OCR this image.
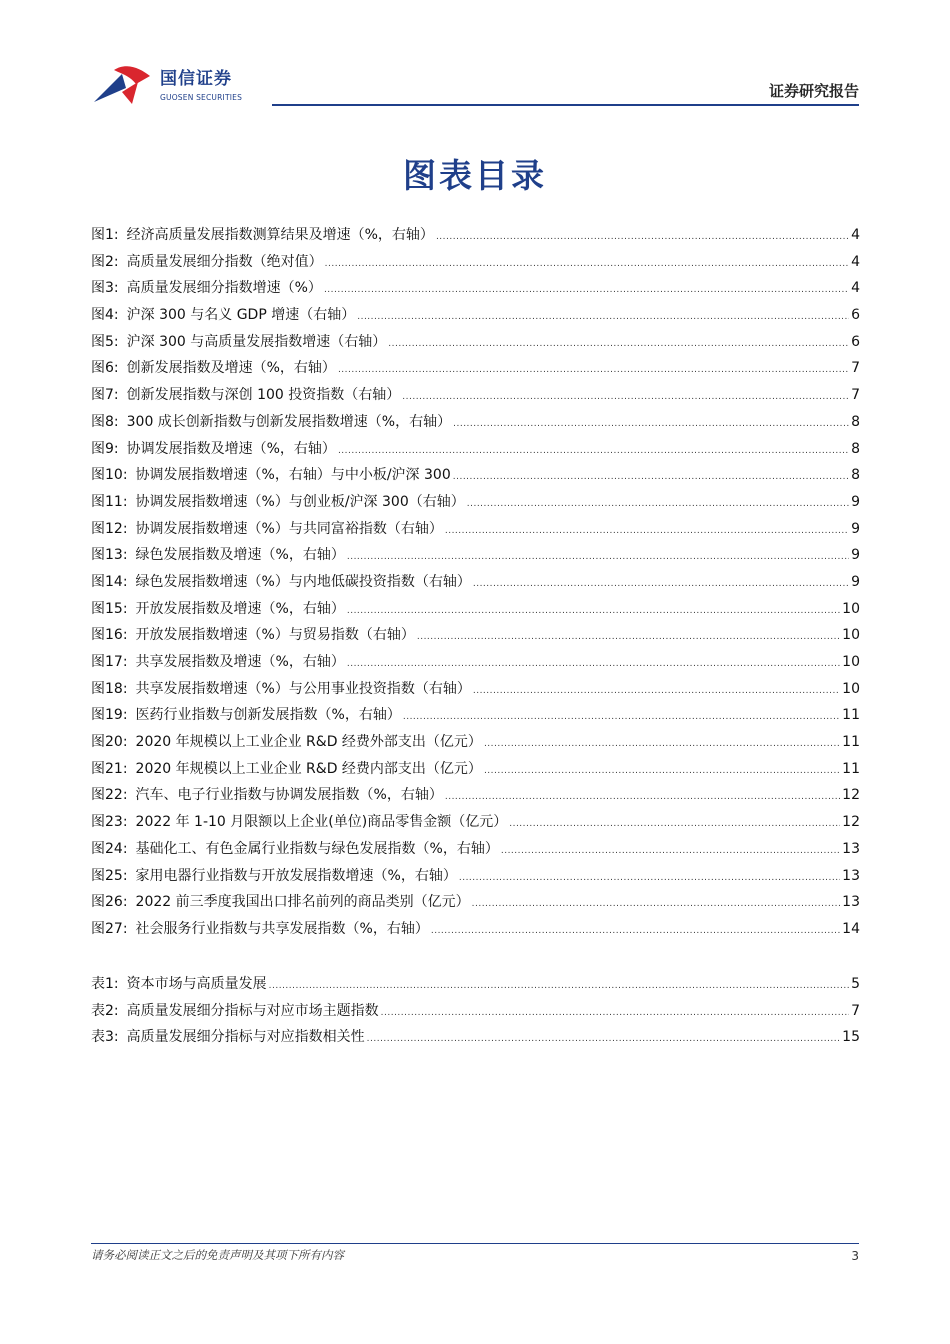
国信证券
GUOSEN SECURITIES	证券研究报告
图表目录
图1: 经济高质量发展指数测算结果及增速（%，右轴） .....	4
图2: 高质量发展细分指数（绝对值） .....	4
图3: 高质量发展细分指数增速（%） .....	4
图4: 沪深 300 与名义 GDP 增速（右轴） .....	6
图5: 沪深 300 与高质量发展指数增速（右轴） .....	6
图6: 创新发展指数及增速（%，右轴） .....	7
图7: 创新发展指数与深创 100 投资指数（右轴） .....	7
图8: 300 成长创新指数与创新发展指数增速（%，右轴） .....	8
图9: 协调发展指数及增速（%，右轴） .....	8
图10: 协调发展指数增速（%，右轴）与中小板/沪深 300 .....	8
图11: 协调发展指数增速（%）与创业板/沪深 300（右轴） .....	9
图12: 协调发展指数增速（%）与共同富裕指数（右轴） .....	9
图13: 绿色发展指数及增速（%，右轴） .....	9
图14: 绿色发展指数增速（%）与内地低碳投资指数（右轴） .....	9
图15: 开放发展指数及增速（%，右轴） .....	10
图16: 开放发展指数增速（%）与贸易指数（右轴） .....	10
图17: 共享发展指数及增速（%，右轴） .....	10
图18: 共享发展指数增速（%）与公用事业投资指数（右轴） .....	10
图19: 医药行业指数与创新发展指数（%，右轴） .....	11
图20: 2020 年规模以上工业企业 R&D 经费外部支出（亿元） .....	11
图21: 2020 年规模以上工业企业 R&D 经费内部支出（亿元） .....	11
图22: 汽车、电子行业指数与协调发展指数（%，右轴） .....	12
图23: 2022 年 1-10 月限额以上企业(单位)商品零售金额（亿元） .....	12
图24: 基础化工、有色金属行业指数与绿色发展指数（%，右轴） .....	13
图25: 家用电器行业指数与开放发展指数增速（%，右轴） .....	13
图26: 2022 前三季度我国出口排名前列的商品类别（亿元） .....	13
图27: 社会服务行业指数与共享发展指数（%，右轴） .....	14
表1: 资本市场与高质量发展 .....	5
表2: 高质量发展细分指标与对应市场主题指数 .....	7
表3: 高质量发展细分指标与对应指数相关性 .....	15
请务必阅读正文之后的免责声明及其项下所有内容	3
